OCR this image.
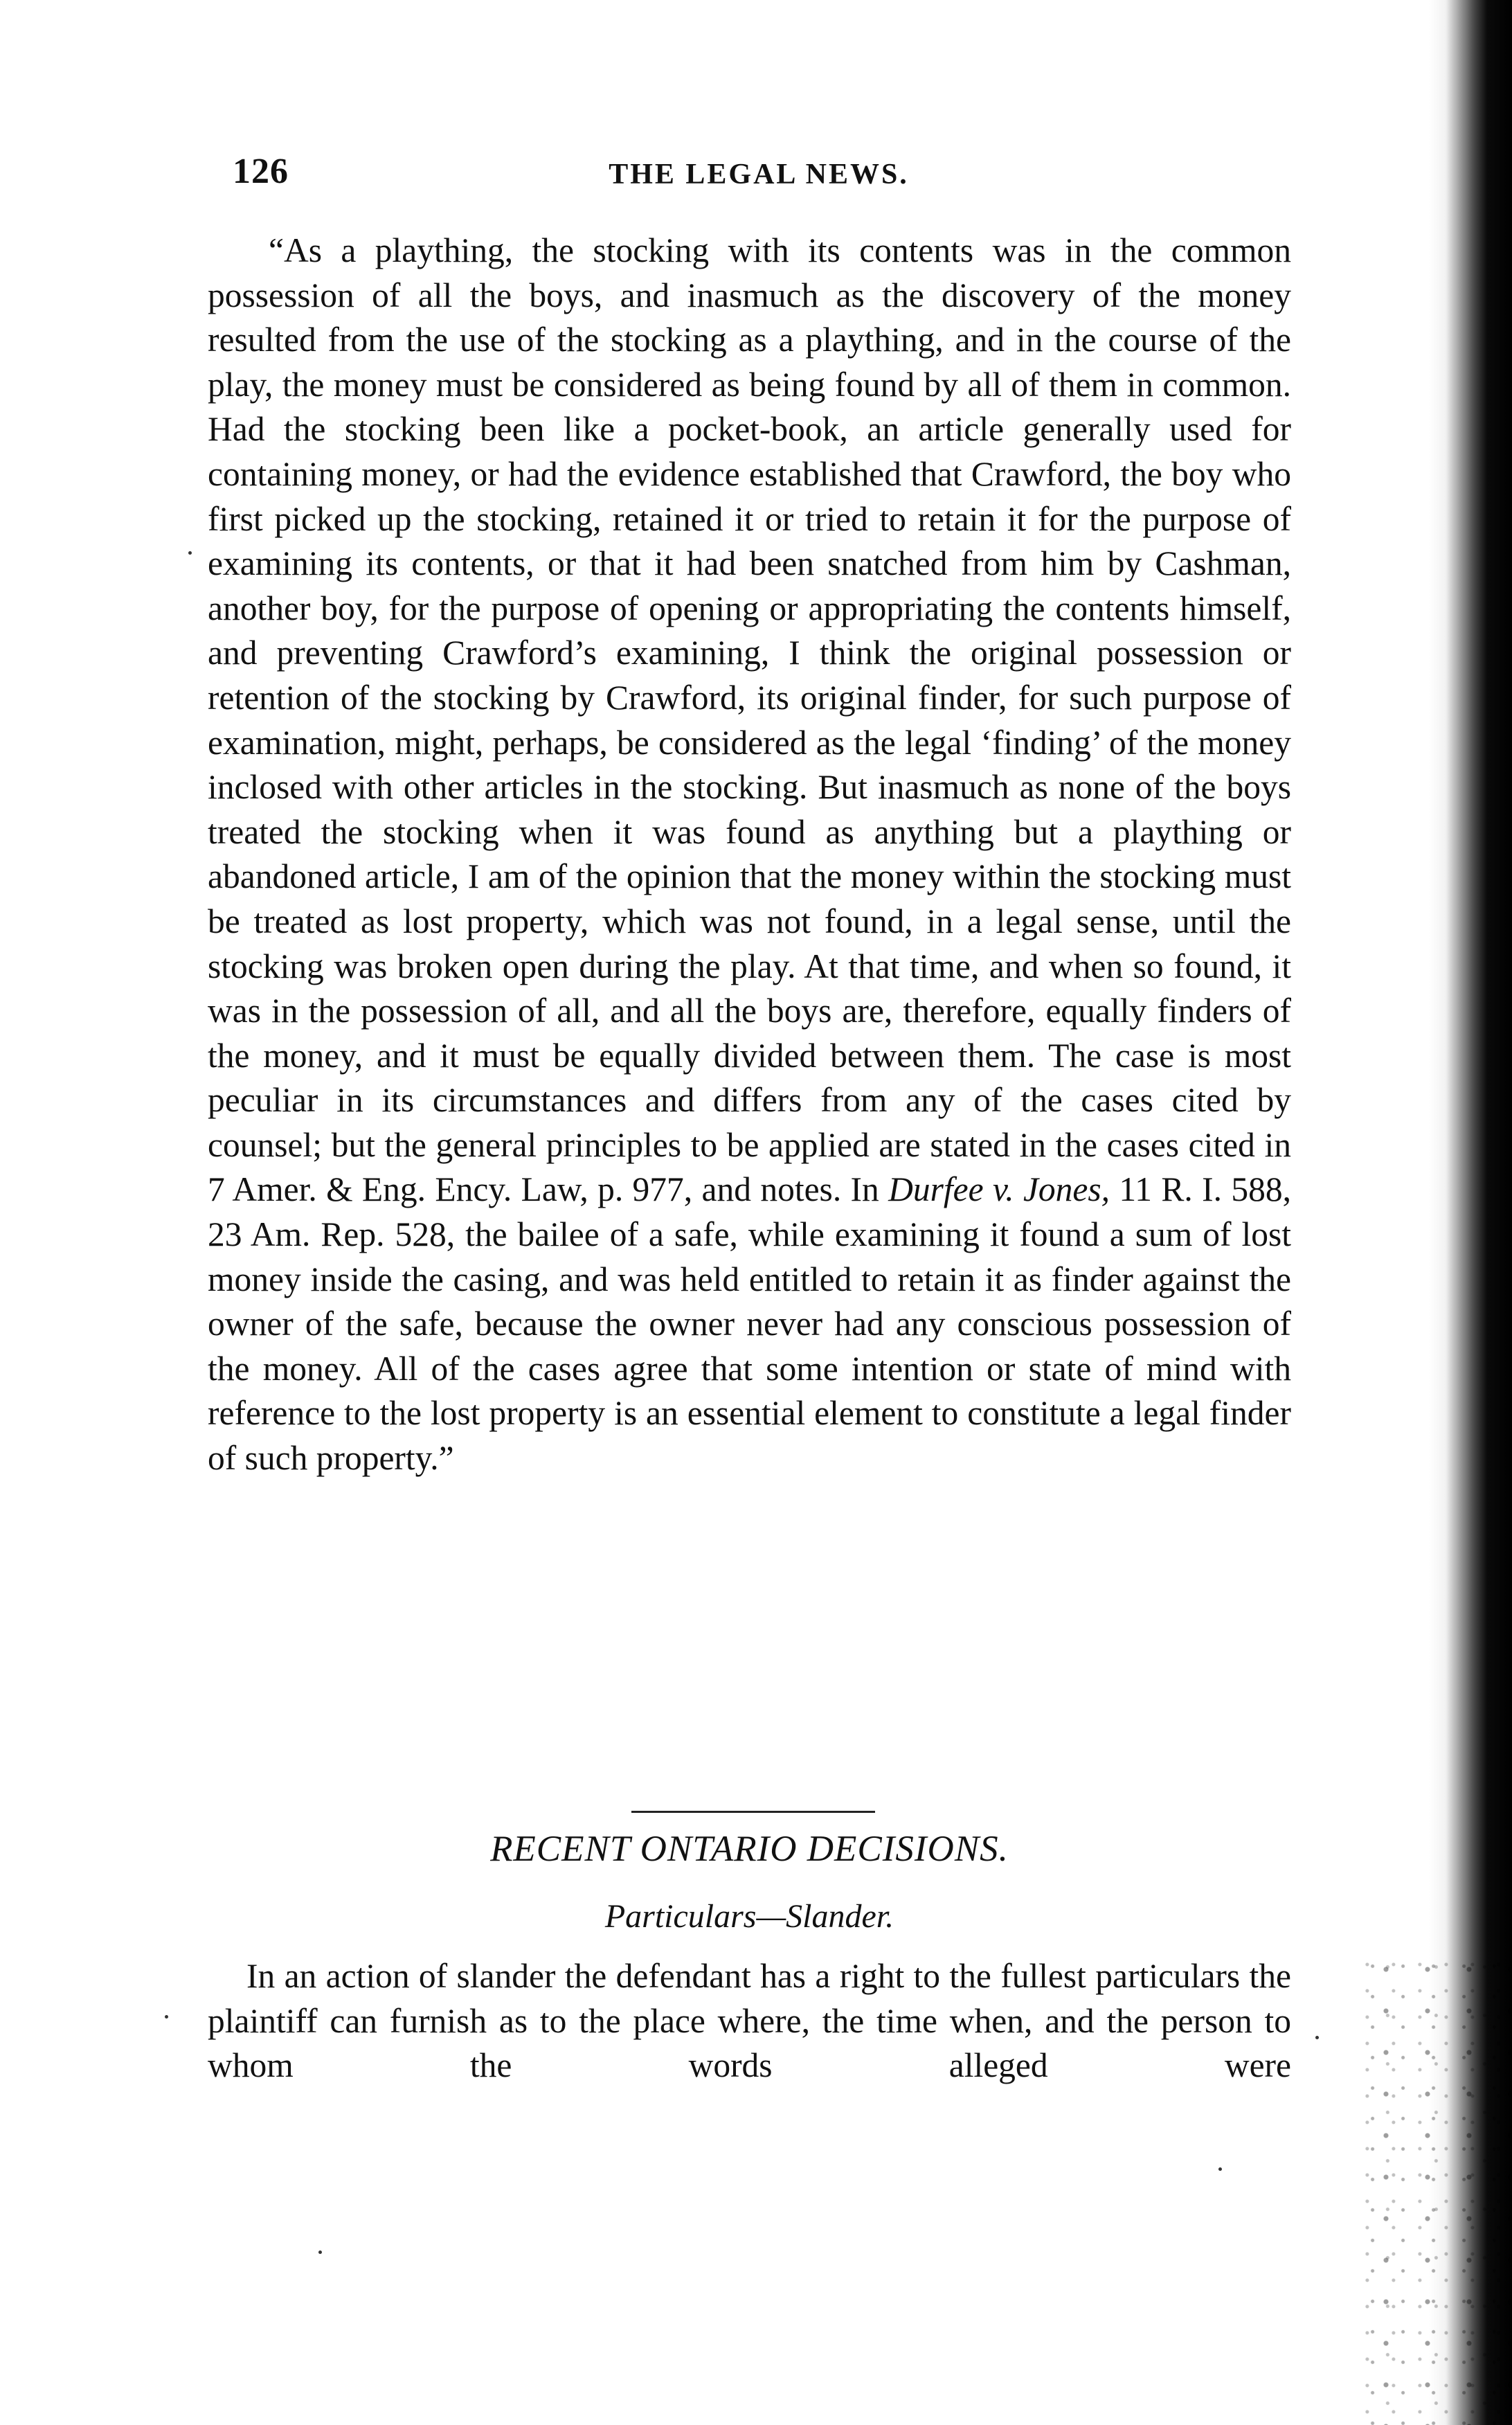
126	THE LEGAL NEWS.

“As a plaything, the stocking with its contents was in the common possession of all the boys, and inasmuch as the discovery of the money resulted from the use of the stocking as a plaything, and in the course of the play, the money must be considered as being found by all of them in common. Had the stocking been like a pocket-book, an article generally used for containing money, or had the evidence established that Crawford, the boy who first picked up the stocking, retained it or tried to retain it for the purpose of examining its contents, or that it had been snatched from him by Cashman, another boy, for the purpose of opening or appropriating the contents himself, and preventing Crawford’s examining, I think the original possession or retention of the stocking by Crawford, its original finder, for such purpose of examination, might, perhaps, be considered as the legal ‘finding’ of the money inclosed with other articles in the stocking. But inasmuch as none of the boys treated the stocking when it was found as anything but a plaything or abandoned article, I am of the opinion that the money within the stocking must be treated as lost property, which was not found, in a legal sense, until the stocking was broken open during the play. At that time, and when so found, it was in the possession of all, and all the boys are, therefore, equally finders of the money, and it must be equally divided between them. The case is most peculiar in its circumstances and differs from any of the cases cited by counsel; but the general principles to be applied are stated in the cases cited in 7 Amer. & Eng. Ency. Law, p. 977, and notes. In Durfee v. Jones, 11 R. I. 588, 23 Am. Rep. 528, the bailee of a safe, while examining it found a sum of lost money inside the casing, and was held entitled to retain it as finder against the owner of the safe, because the owner never had any conscious possession of the money. All of the cases agree that some intention or state of mind with reference to the lost property is an essential element to constitute a legal finder of such property.”

RECENT ONTARIO DECISIONS.
Particulars—Slander.

In an action of slander the defendant has a right to the fullest particulars the plaintiff can furnish as to the place where, the time when, and the person to whom the words alleged were
